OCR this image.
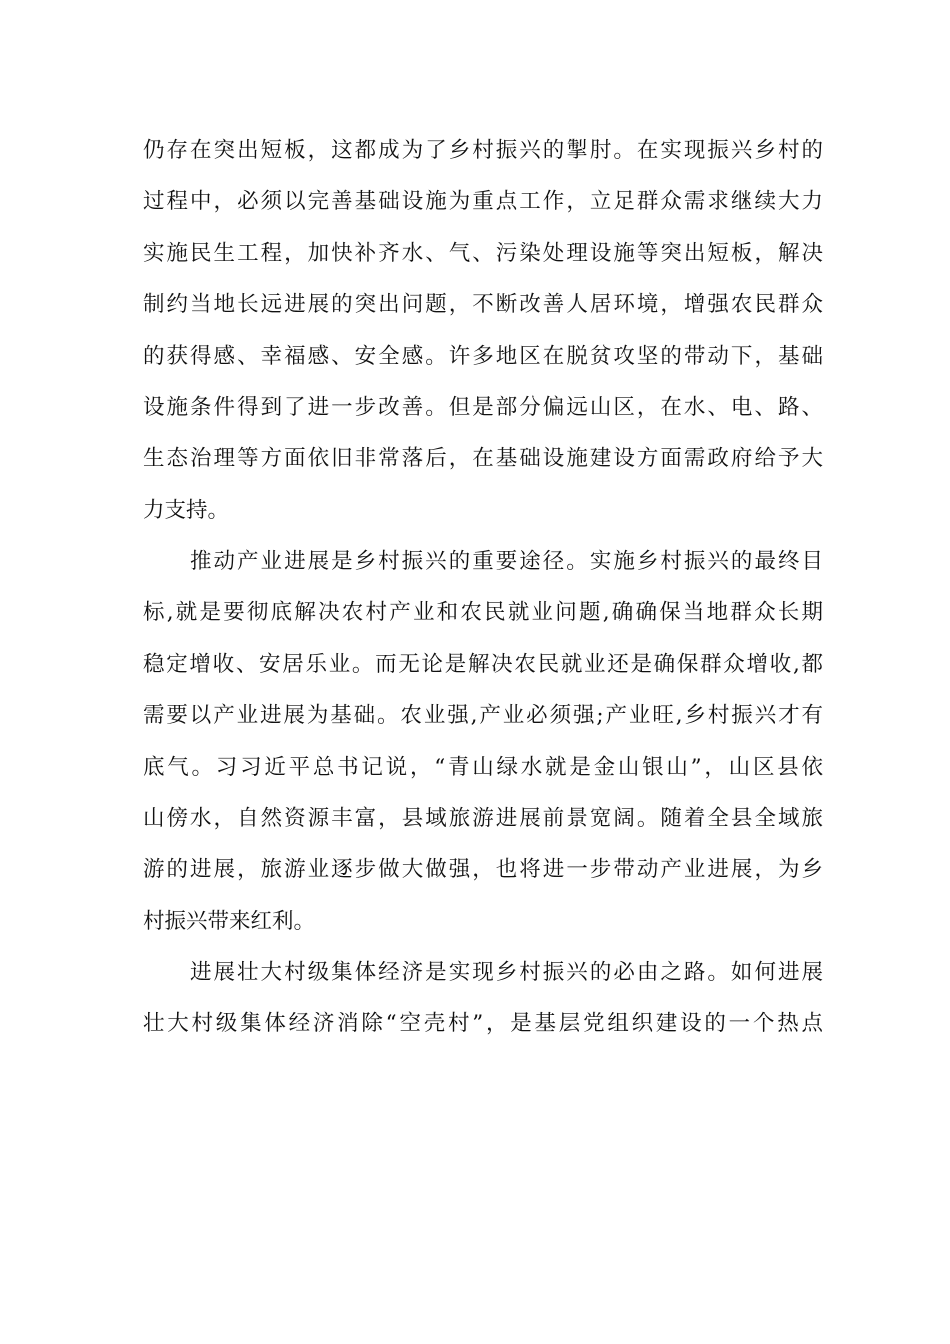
仍存在突出短板，这都成为了乡村振兴的掣肘。在实现振兴乡村的

过程中，必须以完善基础设施为重点工作，立足群众需求继续大力

实施民生工程，加快补齐水、气、污染处理设施等突出短板，解决

制约当地长远进展的突出问题，不断改善人居环境，增强农民群众

的获得感、幸福感、安全感。许多地区在脱贫攻坚的带动下，基础

设施条件得到了进一步改善。但是部分偏远山区，在水、电、路、

生态治理等方面依旧非常落后，在基础设施建设方面需政府给予大

力支持。

推动产业进展是乡村振兴的重要途径。实施乡村振兴的最终目

标,就是要彻底解决农村产业和农民就业问题,确确保当地群众长期

稳定增收、安居乐业。而无论是解决农民就业还是确保群众增收,都

需要以产业进展为基础。农业强,产业必须强;产业旺,乡村振兴才有

底气。习习近平总书记说，“青山绿水就是金山银山”，山区县依

山傍水，自然资源丰富，县域旅游进展前景宽阔。随着全县全域旅

游的进展，旅游业逐步做大做强，也将进一步带动产业进展，为乡

村振兴带来红利。

进展壮大村级集体经济是实现乡村振兴的必由之路。如何进展

壮大村级集体经济消除“空壳村”，是基层党组织建设的一个热点
